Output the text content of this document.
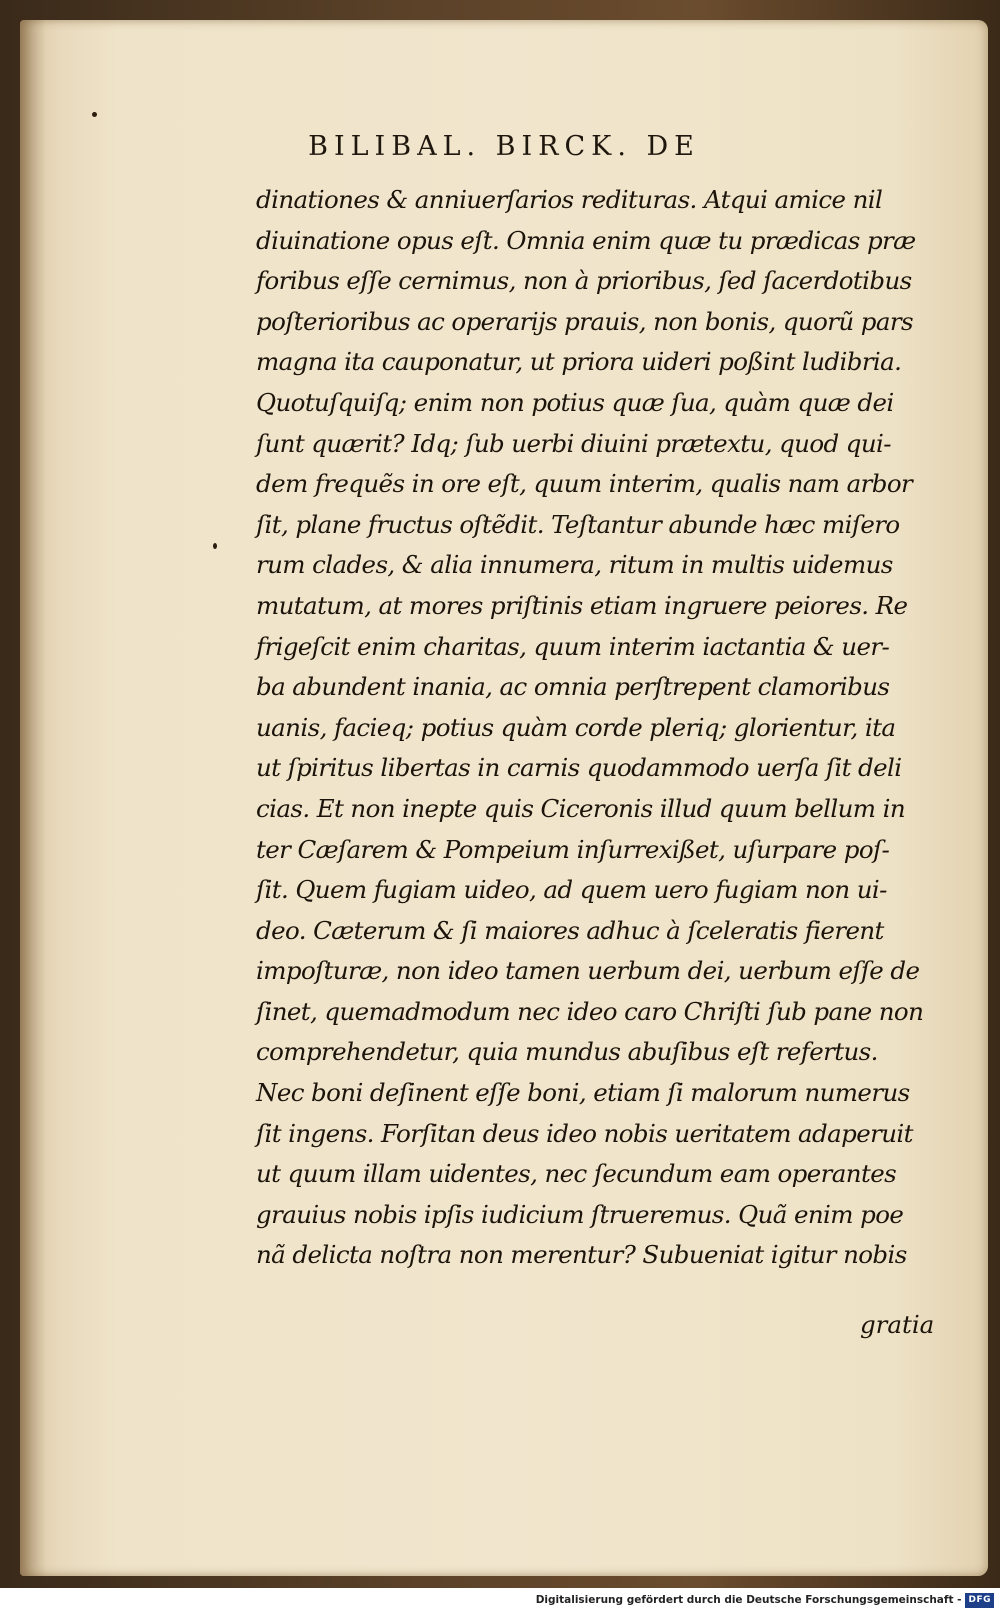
BILIBAL. BIRCK. DE
dinationes & anniuerſarios redituras. Atqui amice nil
diuinatione opus eſt. Omnia enim quæ tu prædicas præ
foribus eſſe cernimus, non à prioribus, ſed ſacerdotibus
poſterioribus ac operarijs prauis, non bonis, quorũ pars
magna ita cauponatur, ut priora uideri poßint ludibria.
Quotuſquiſq; enim non potius quæ ſua, quàm quæ dei
ſunt quærit? Idq; ſub uerbi diuini prætextu, quod qui-
dem frequẽs in ore eſt, quum interim, qualis nam arbor
ſit, plane fructus oſtẽdit. Teſtantur abunde hæc miſero
rum clades, & alia innumera, ritum in multis uidemus
mutatum, at mores priſtinis etiam ingruere peiores. Re
frigeſcit enim charitas, quum interim iactantia & uer-
ba abundent inania, ac omnia perſtrepent clamoribus
uanis, facieq; potius quàm corde pleriq; glorientur, ita
ut ſpiritus libertas in carnis quodammodo uerſa ſit deli
cias. Et non inepte quis Ciceronis illud quum bellum in
ter Cæſarem & Pompeium inſurrexißet, uſurpare poſ-
ſit. Quem fugiam uideo, ad quem uero fugiam non ui-
deo. Cæterum & ſi maiores adhuc à ſceleratis fierent
impoſturæ, non ideo tamen uerbum dei, uerbum eſſe de
ſinet, quemadmodum nec ideo caro Chriſti ſub pane non
comprehendetur, quia mundus abuſibus eſt refertus.
Nec boni deſinent eſſe boni, etiam ſi malorum numerus
ſit ingens. Forſitan deus ideo nobis ueritatem adaperuit
ut quum illam uidentes, nec ſecundum eam operantes
grauius nobis ipſis iudicium ſtrueremus. Quã enim poe
nã delicta noſtra non merentur? Subueniat igitur nobis
gratia
Digitalisierung gefördert durch die Deutsche Forschungsgemeinschaft - DFG
